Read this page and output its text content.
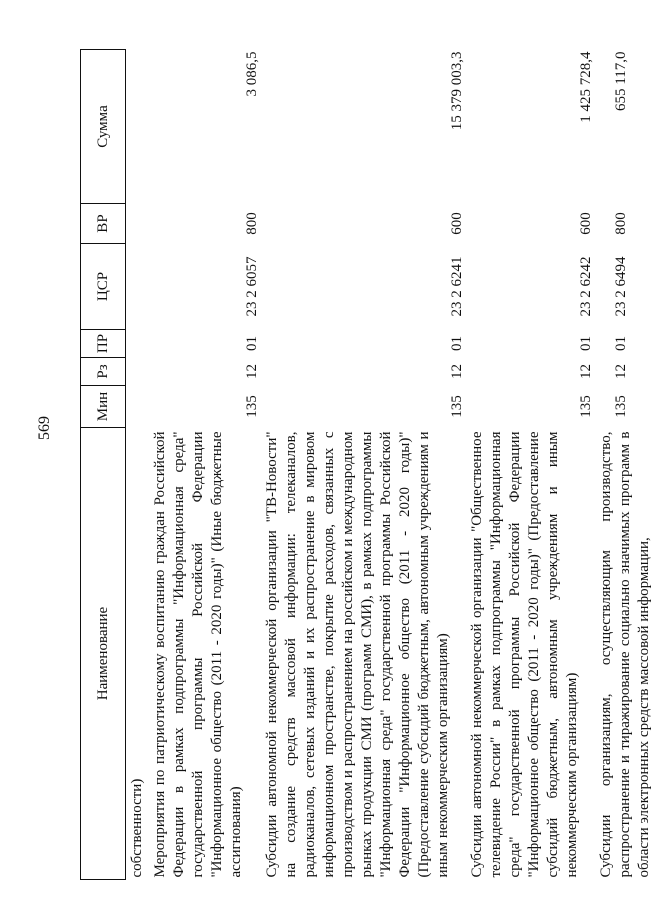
569
Наименование	Мин	Рз	ПР	ЦСР	ВР	Сумма
собственности)						
Мероприятия по патриотическому воспитанию граждан Российской Федерации в рамках подпрограммы "Информационная среда" государственной программы Российской Федерации "Информационное общество (2011 - 2020 годы)" (Иные бюджетные ассигнования)	135	12	01	23 2 6057	800	3 086,5
Субсидии автономной некоммерческой организации "ТВ-Новости" на создание средств массовой информации: телеканалов, радиоканалов, сетевых изданий и их распространение в мировом информационном пространстве, покрытие расходов, связанных с производством и распространением на российском и международном рынках продукции СМИ (программ СМИ), в рамках подпрограммы "Информационная среда" государственной программы Российской Федерации "Информационное общество (2011 - 2020 годы)" (Предоставление субсидий бюджетным, автономным учреждениям и иным некоммерческим организациям)	135	12	01	23 2 6241	600	15 379 003,3
Субсидии автономной некоммерческой организации "Общественное телевидение России" в рамках подпрограммы "Информационная среда" государственной программы Российской Федерации "Информационное общество (2011 - 2020 годы)" (Предоставление субсидий бюджетным, автономным учреждениям и иным некоммерческим организациям)	135	12	01	23 2 6242	600	1 425 728,4
Субсидии организациям, осуществляющим производство, распространение и тиражирование социально значимых программ в области электронных средств массовой информации,	135	12	01	23 2 6494	800	655 117,0
